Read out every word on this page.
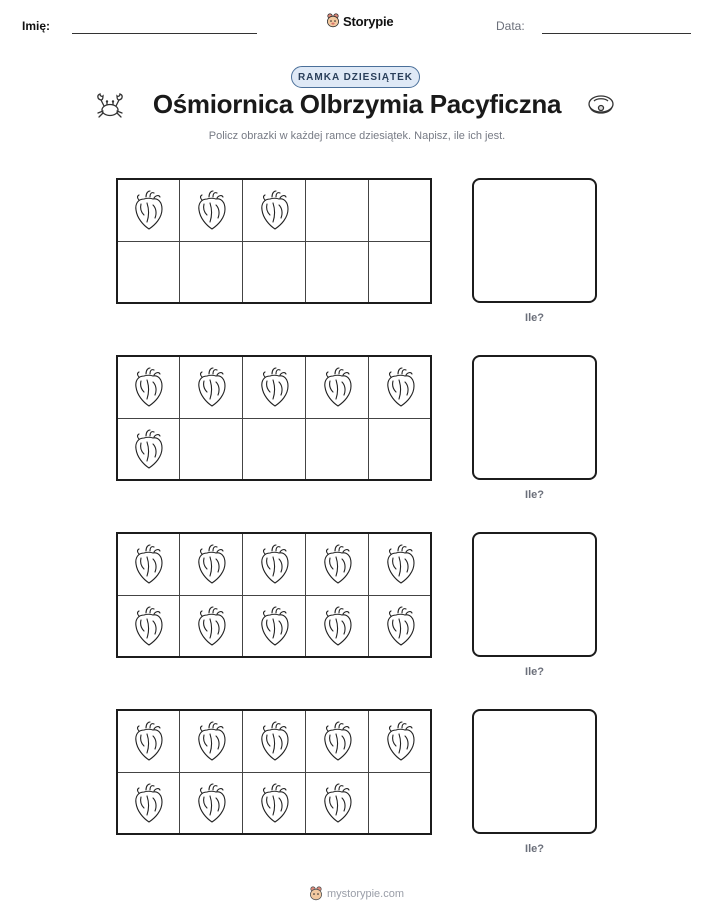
Imię:	Storypie	Data:
RAMKA DZIESIĄTEK
Ośmiornica Olbrzymia Pacyficzna
Policz obrazki w każdej ramce dziesiątek. Napisz, ile ich jest.
Ile?
Ile?
Ile?
Ile?
mystorypie.com
